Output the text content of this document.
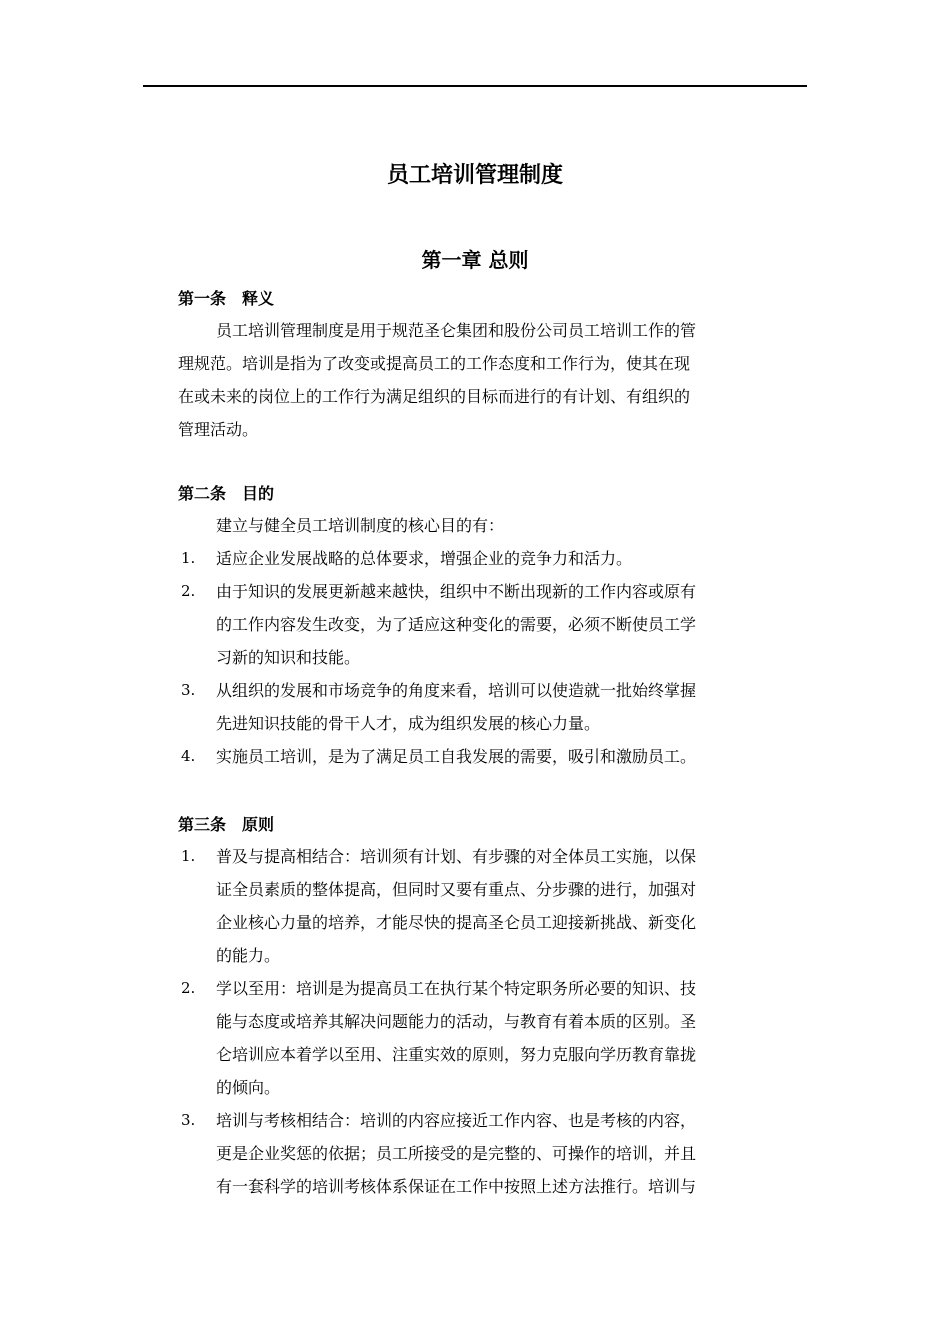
员工培训管理制度
第一章 总则
第一条　释义
员工培训管理制度是用于规范圣仑集团和股份公司员工培训工作的管
理规范。培训是指为了改变或提高员工的工作态度和工作行为，使其在现
在或未来的岗位上的工作行为满足组织的目标而进行的有计划、有组织的
管理活动。
第二条　目的
建立与健全员工培训制度的核心目的有：
1. 适应企业发展战略的总体要求，增强企业的竞争力和活力。
2. 由于知识的发展更新越来越快，组织中不断出现新的工作内容或原有
的工作内容发生改变，为了适应这种变化的需要，必须不断使员工学
习新的知识和技能。
3. 从组织的发展和市场竞争的角度来看，培训可以使造就一批始终掌握
先进知识技能的骨干人才，成为组织发展的核心力量。
4. 实施员工培训，是为了满足员工自我发展的需要，吸引和激励员工。
第三条　原则
1. 普及与提高相结合：培训须有计划、有步骤的对全体员工实施，以保
证全员素质的整体提高，但同时又要有重点、分步骤的进行，加强对
企业核心力量的培养，才能尽快的提高圣仑员工迎接新挑战、新变化
的能力。
2. 学以至用：培训是为提高员工在执行某个特定职务所必要的知识、技
能与态度或培养其解决问题能力的活动，与教育有着本质的区别。圣
仑培训应本着学以至用、注重实效的原则，努力克服向学历教育靠拢
的倾向。
3. 培训与考核相结合：培训的内容应接近工作内容、也是考核的内容，
更是企业奖惩的依据；员工所接受的是完整的、可操作的培训，并且
有一套科学的培训考核体系保证在工作中按照上述方法推行。培训与
